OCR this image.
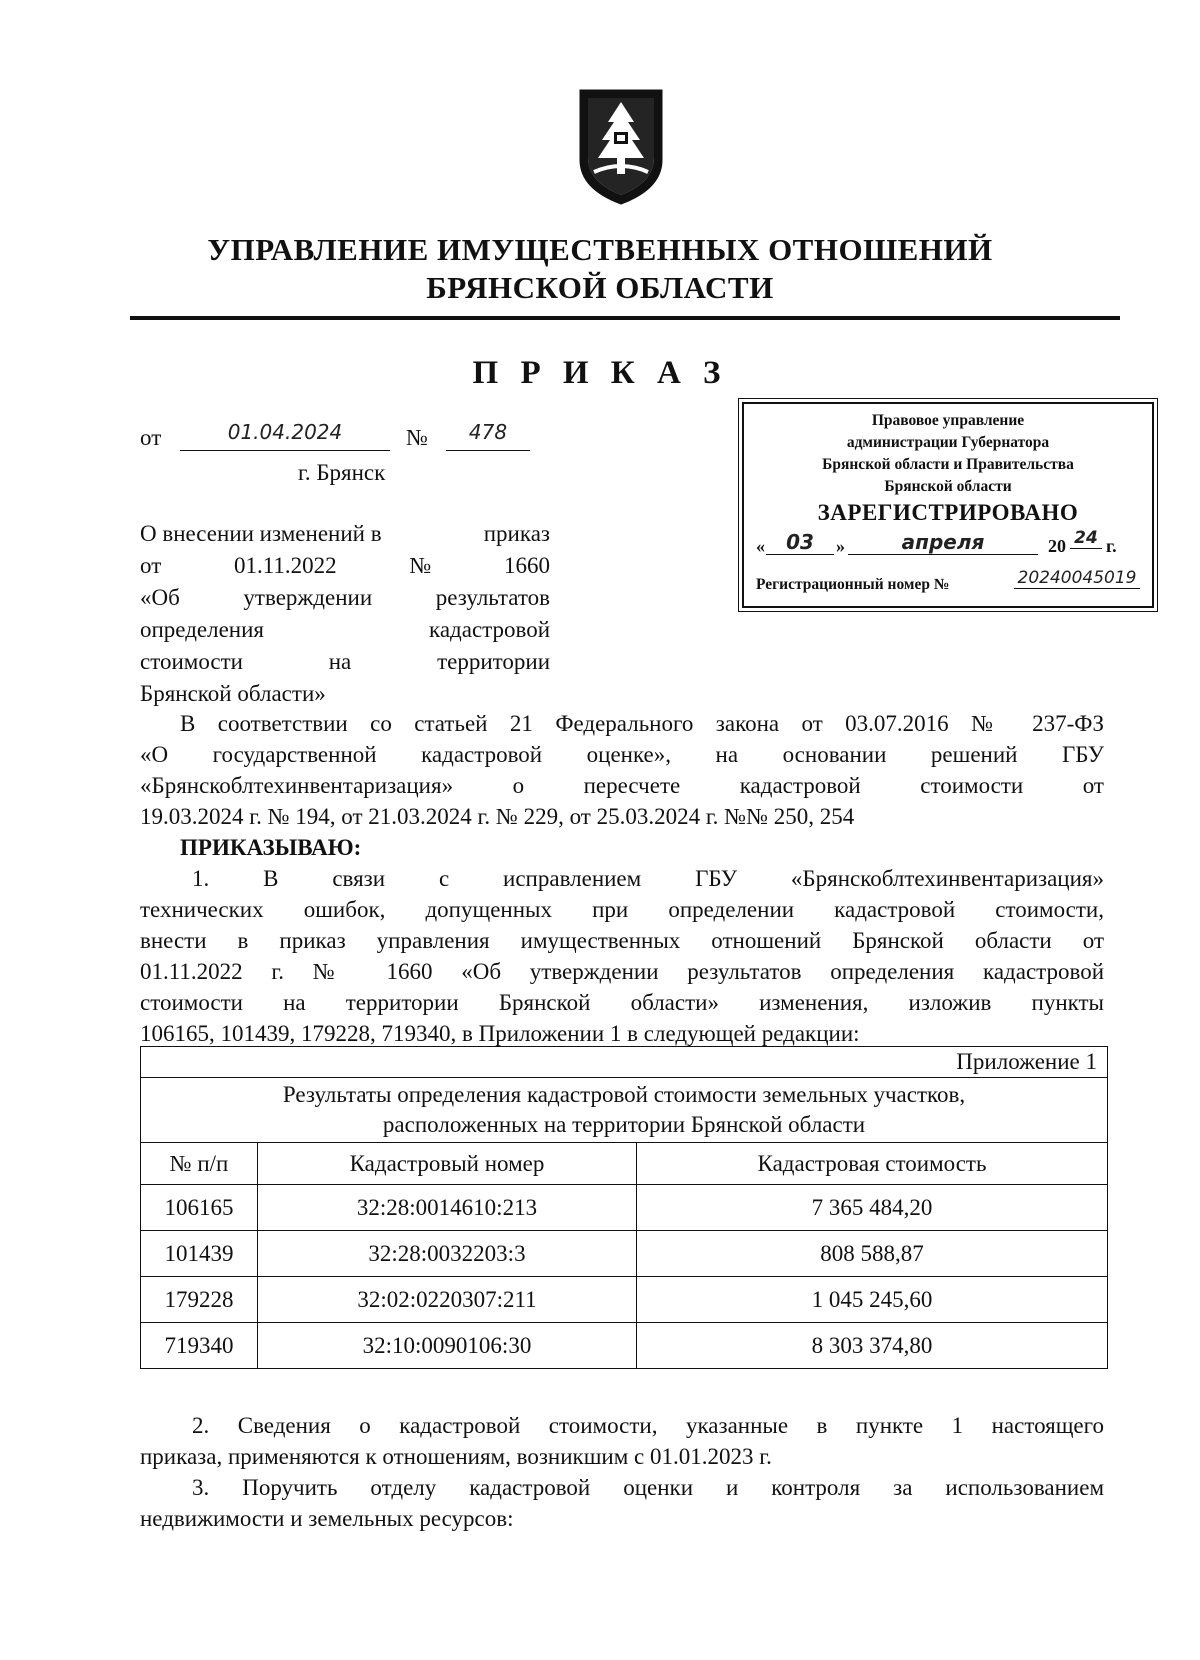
УПРАВЛЕНИЕ ИМУЩЕСТВЕННЫХ ОТНОШЕНИЙ
БРЯНСКОЙ ОБЛАСТИ
П Р И К А З
от	01.04.2024	№	478
г. Брянск
Правовое управление
администрации Губернатора
Брянской области и Правительства
Брянской области
ЗАРЕГИСТРИРОВАНО
«	03	»	апреля	20 24 г.
Регистрационный номер №	20240045019
О внесении изменений в	приказ
от	01.11.2022	№	1660
«Об	утверждении	результатов
определения	кадастровой
стоимости	на	территории
Брянской области»
В соответствии со статьей 21 Федерального закона от 03.07.2016 № 237-ФЗ
«О государственной кадастровой оценке», на основании решений ГБУ
«Брянскоблтехинвентаризация» о пересчете кадастровой стоимости от
19.03.2024 г. № 194, от 21.03.2024 г. № 229, от 25.03.2024 г. №№ 250, 254
ПРИКАЗЫВАЮ:
1. В связи с исправлением ГБУ «Брянскоблтехинвентаризация»
технических ошибок, допущенных при определении кадастровой стоимости,
внести в приказ управления имущественных отношений Брянской области от
01.11.2022 г. № 1660 «Об утверждении результатов определения кадастровой
стоимости на территории Брянской области» изменения, изложив пункты
106165, 101439, 179228, 719340, в Приложении 1 в следующей редакции:
Приложение 1		

Результаты определения кадастровой стоимости земельных участков,
расположенных на территории Брянской области		

№ п/п	Кадастровый номер	Кадастровая стоимость
106165	32:28:0014610:213	7 365 484,20
101439	32:28:0032203:3	808 588,87
179228	32:02:0220307:211	1 045 245,60
719340	32:10:0090106:30	8 303 374,80
2. Сведения о кадастровой стоимости, указанные в пункте 1 настоящего
приказа, применяются к отношениям, возникшим с 01.01.2023 г.
3. Поручить отделу кадастровой оценки и контроля за использованием
недвижимости и земельных ресурсов:
